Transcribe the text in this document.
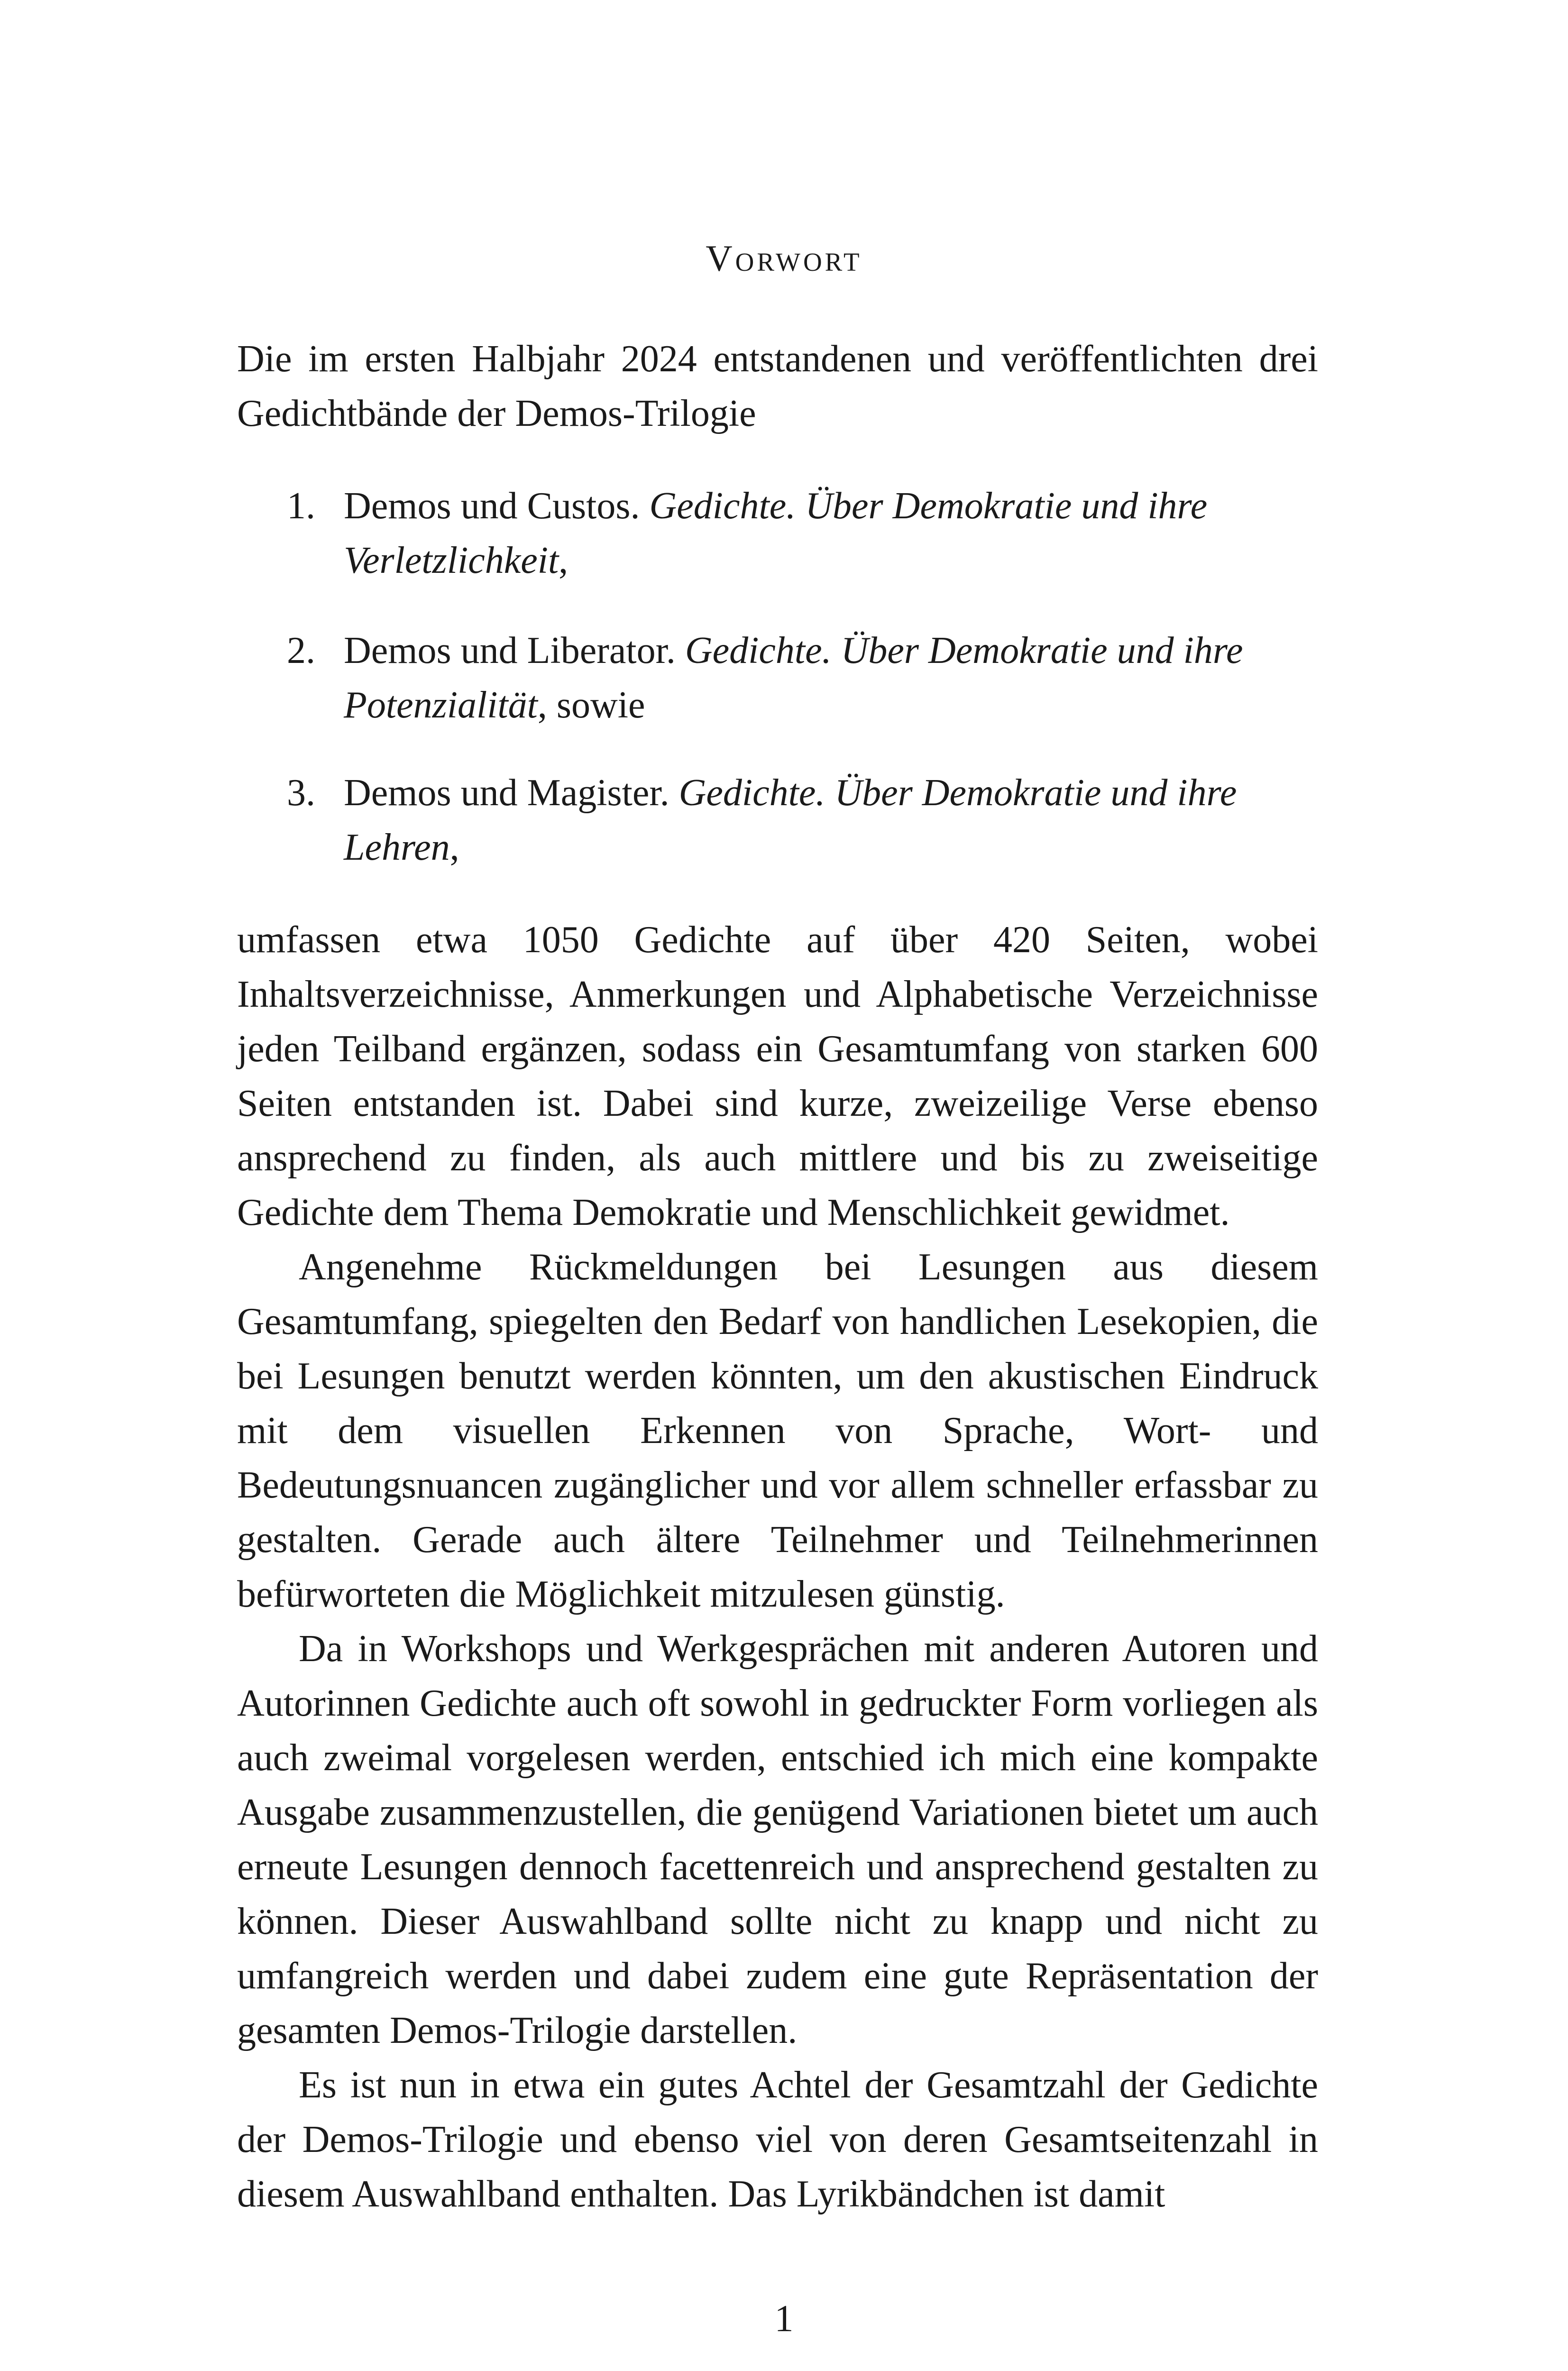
Vorwort
Die im ersten Halbjahr 2024 entstandenen und veröffentlichten drei Gedichtbände der Demos-Trilogie
1. Demos und Custos. Gedichte. Über Demokratie und ihre Verletzlichkeit,
2. Demos und Liberator. Gedichte. Über Demokratie und ihre Potenzialität, sowie
3. Demos und Magister. Gedichte. Über Demokratie und ihre Lehren,

umfassen etwa 1050 Gedichte auf über 420 Seiten, wobei Inhaltsverzeichnisse, Anmerkungen und Alphabetische Verzeichnisse jeden Teilband ergänzen, sodass ein Gesamtumfang von starken 600 Seiten entstanden ist. Dabei sind kurze, zweizeilige Verse ebenso ansprechend zu finden, als auch mittlere und bis zu zweiseitige Gedichte dem Thema Demokratie und Menschlichkeit gewidmet.

Angenehme Rückmeldungen bei Lesungen aus diesem Gesamtumfang, spiegelten den Bedarf von handlichen Lesekopien, die bei Lesungen benutzt werden könnten, um den akustischen Eindruck mit dem visuellen Erkennen von Sprache, Wort- und Bedeutungsnuancen zugänglicher und vor allem schneller erfassbar zu gestalten. Gerade auch ältere Teilnehmer und Teilnehmerinnen befürworteten die Möglichkeit mitzulesen günstig.

Da in Workshops und Werkgesprächen mit anderen Autoren und Autorinnen Gedichte auch oft sowohl in gedruckter Form vorliegen als auch zweimal vorgelesen werden, entschied ich mich eine kompakte Ausgabe zusammenzustellen, die genügend Variationen bietet um auch erneute Lesungen dennoch facettenreich und ansprechend gestalten zu können. Dieser Auswahlband sollte nicht zu knapp und nicht zu umfangreich werden und dabei zudem eine gute Repräsentation der gesamten Demos-Trilogie darstellen.

Es ist nun in etwa ein gutes Achtel der Gesamtzahl der Gedichte der Demos-Trilogie und ebenso viel von deren Gesamtseitenzahl in diesem Auswahlband enthalten. Das Lyrikbändchen ist damit

1
